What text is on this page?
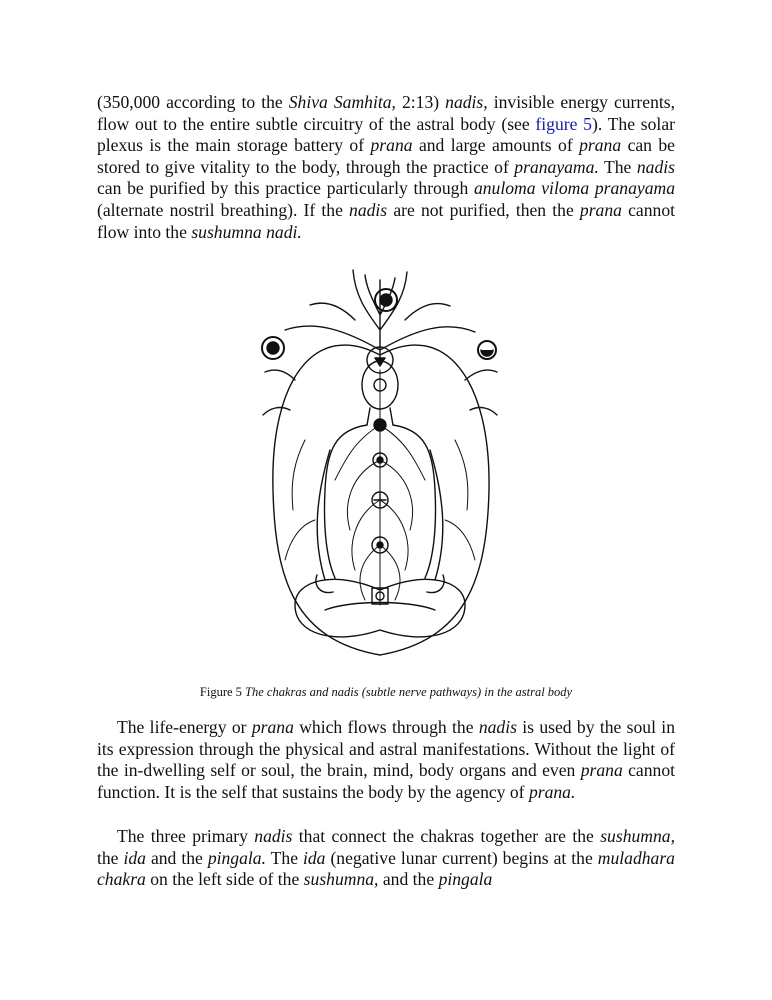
(350,000 according to the Shiva Samhita, 2:13) nadis, invisible energy currents, flow out to the entire subtle circuitry of the astral body (see figure 5). The solar plexus is the main storage battery of prana and large amounts of prana can be stored to give vitality to the body, through the practice of pranayama. The nadis can be purified by this practice particularly through anuloma viloma pranayama (alternate nostril breathing). If the nadis are not purified, then the prana cannot flow into the sushumna nadi.

Figure 5 The chakras and nadis (subtle nerve pathways) in the astral body

The life-energy or prana which flows through the nadis is used by the soul in its expression through the physical and astral manifestations. Without the light of the in-dwelling self or soul, the brain, mind, body organs and even prana cannot function. It is the self that sustains the body by the agency of prana.

The three primary nadis that connect the chakras together are the sushumna, the ida and the pingala. The ida (negative lunar current) begins at the muladhara chakra on the left side of the sushumna, and the pingala
